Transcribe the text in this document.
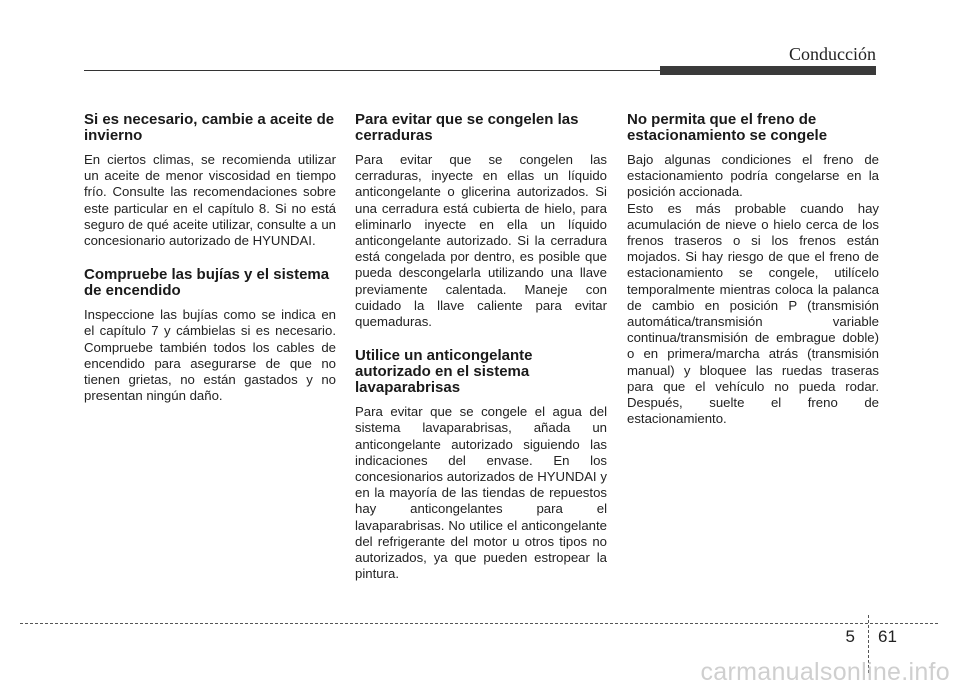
Conducción
Si es necesario, cambie a aceite de invierno

En ciertos climas, se recomienda utilizar un aceite de menor viscosidad en tiempo frío. Consulte las recomendaciones sobre este particular en el capítulo 8. Si no está seguro de qué aceite utilizar, consulte a un concesionario autorizado de HYUNDAI.

Compruebe las bujías y el sistema de encendido

Inspeccione las bujías como se indica en el capítulo 7 y cámbielas si es necesario. Compruebe también todos los cables de encendido para asegurarse de que no tienen grietas, no están gastados y no presentan ningún daño.

Para evitar que se congelen las cerraduras

Para evitar que se congelen las cerraduras, inyecte en ellas un líquido anticongelante o glicerina autorizados. Si una cerradura está cubierta de hielo, para eliminarlo inyecte en ella un líquido anticongelante autorizado. Si la cerradura está congelada por dentro, es posible que pueda descongelarla utilizando una llave previamente calentada. Maneje con cuidado la llave caliente para evitar quemaduras.

Utilice un anticongelante autorizado en el sistema lavaparabrisas

Para evitar que se congele el agua del sistema lavaparabrisas, añada un anticongelante autorizado siguiendo las indicaciones del envase. En los concesionarios autorizados de HYUNDAI y en la mayoría de las tiendas de repuestos hay anticongelantes para el lavaparabrisas. No utilice el anticongelante del refrigerante del motor u otros tipos no autorizados, ya que pueden estropear la pintura.

No permita que el freno de estacionamiento se congele

Bajo algunas condiciones el freno de estacionamiento podría congelarse en la posición accionada.

Esto es más probable cuando hay acumulación de nieve o hielo cerca de los frenos traseros o si los frenos están mojados. Si hay riesgo de que el freno de estacionamiento se congele, utilícelo temporalmente mientras coloca la palanca de cambio en posición P (transmisión automática/transmisión variable continua/transmisión de embrague doble) o en primera/marcha atrás (transmisión manual) y bloquee las ruedas traseras para que el vehículo no pueda rodar. Después, suelte el freno de estacionamiento.

5 61
carmanualsonline.info
